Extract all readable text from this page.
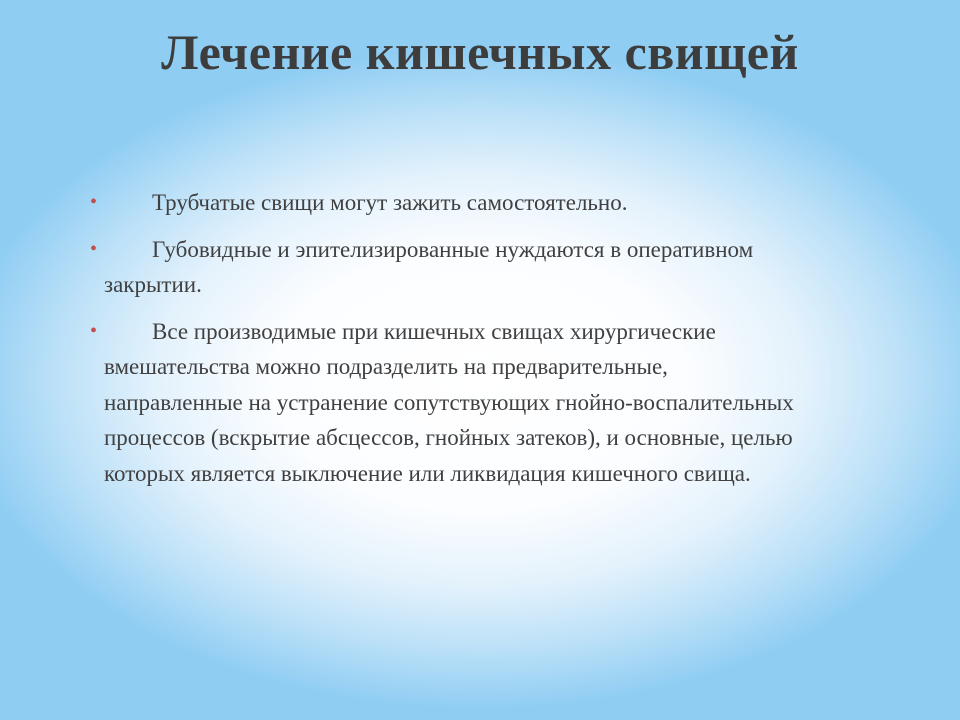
Лечение кишечных свищей
• Трубчатые свищи могут зажить самостоятельно.
• Губовидные и эпителизированные нуждаются в оперативном закрытии.
• Все производимые при кишечных свищах хирургические вмешательства можно подразделить на предварительные, направленные на устранение сопутствующих гнойно-воспалительных процессов (вскрытие абсцессов, гнойных затеков), и основные, целью которых является выключение или ликвидация кишечного свища.
